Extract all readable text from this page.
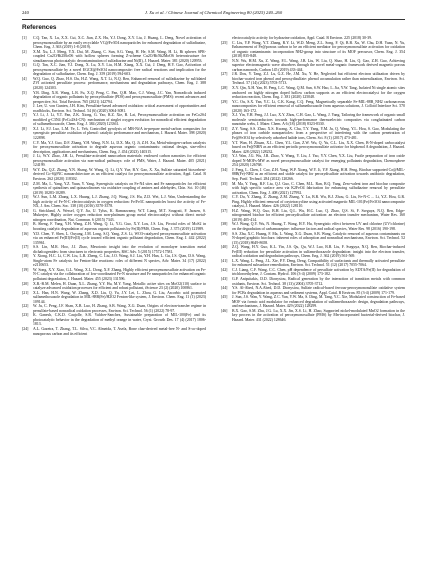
240	J. Xu et al. / Chinese Journal of Chemical Engineering 80 (2025) 240–260
References

[1] C.Q. Tan, X. Lu, X.X. Cui, X.C. Jian, Z.X. Hu, Y.J. Dong, X.Y. Liu, J. Huang, L. Deng, Novel activation of peroxymonosulfate by an easily recyclable VC@Fe3O4 nanoparticles for enhanced degradation of sulfadiazine, Chem. Eng. J. 363 (2019) 1-8 (2019).

[2] X.M. Xu, L.J. Meng, Y.X. Dai, M. Zhang, C. Sun, S.G. Yang, H. He, S.M. Wang, H. Li, Bi spheres SPR-coupled Cu2O/Bi2MoO6 with hollow spheres forming Z-scheme Cu2O/Bi/Bi2MoO6 heterostructure for simultaneous photocatalytic decontamination of sulfadiazine and Ni(II), J. Hazard. Mater. 381 (2020) 120953.

[3] G.Q. Tan, X.C. Jian, Y.J. Dong, X. Lu, X.Y. Liu, H.M. Xiang, X.X. Cui, J. Deng, H.Y. Gao, Activation of peroxymonosulfate by a novel EGCE@Fe3O4 nanocomposite: free radical reactions and implication for the degradation of sulfadiazine, Chem. Eng. J. 359 (2019) 594-603.

[4] W.Q. Guo, Q. Zhao, H.S. Du, H.Z. Wang, X.T. Li, N.Q. Ren, Enhanced removal of sulfadiazine by sulfidated ZVI activated persulfate process: performance, mechanisms and degradation pathways, Chem. Eng. J. 388 (2020) 124303.

[5] Y.B. Ding, X.R. Wang, L.B. Fu, X.Q. Peng, C. Pan, Q.H. Mao, C.J. Wang, J.C. Yan, Nonradicals induced degradation of organic pollutants by peroxydisulfate (PDS) and peroxymonosulfate (PMS): recent advances and perspective, Sci. Total Environ. 765 (2021) 142794.

[6] J. Lee, U. von Gunten, J.H. Kim, Persulfate-based advanced oxidation: critical assessment of opportunities and roadblocks, Environ. Sci. Technol. 54 (6) (2020) 3064-3081.

[7] Y.J. Li, J. Li, Y.T. Pan, Z.K. Xiong, G. Yao, R.Z. Xie, B. Lai, Peroxymonosulfate activation on FeCo2S4 modified g-C3N4 (FeCo2S4-CN): mechanism of singlet oxygen evolution for nonradical efficient degradation of sulfamethoxazole, Chem. Eng. J. 384 (2020) 123361.

[8] X.J. Li, F.J. Luo, L.M. Ye, L. Yeh, Controlled pyrolysis of MB-Ni/A in-prepare metal-carbon composites for synergistic persulfate oxidation of phenol: catalytic performance and mechanism, J. Hazard. Mater. 398 (2020) 122898.

[9] C.Y. Ma, Y.J. Guo, D.F. Zhang, Y.H. Wang, N.N. Li, D.X. Ma, Q. Ji, Z.H. Xu, Metal-nitrogen-carbon catalysts for peroxymonosulfate activation to degrade aqueous organic contaminants: rational design, size-effect description, applications and mechanisms, Chem. Eng. J. 454 (2023) 140315.

[10] J. Li, W.Y. Zhao, J.H. Li, Persulfate-activated nanocarbon materials: endowed carbon nanosites for efficient peroxymonosulfate activation via non-radical pathways: role of PMS, Water, J. Hazard. Mater. 405 (2021) 124199.

[11] W.Y. Du, Q.Z. Zhang, Y.N. Shang, W. Wang, Q. Li, Q.Y. Yue, B.Y. Gao, X. Xu, Sulfate saturated biosorbent-derived Co-S@NC nanoarchitecture as an efficient catalyst for peroxymonosulfate activation, Appl. Catal. B Environ. 262 (2020) 118302.

[12] Z.M. Ma, L. Yang, Y.Z. Yuan, Y. Yang, Synergistic catalysis on Fe-N4 sites and Fe nanoparticles for efficient synthesis of quinolines and quinazolinones via oxidative coupling of amines and aldehydes, Chin. Sci. 10 (46) (2019) 10283-10289.

[13] W.J. Sun, L.M. Zhang, L.X. Huang, L.J. Zhang, J.Q. Wang, J.S. Hu, Z.D. Wei, L.J. Wan, Understanding the high activity of Fe-N-C electrocatalysts in oxygen reduction: Fe/Fe3C nanoparticles boost the activity of Fe-NX, J. Am. Chem. Soc. 138 (10) (2016) 3570-3578.

[14] G. Strickland, A. Wessel, Q.Y. Jia, U. Tylus, K. Ramaswamy, W.T. Liang, M.T. Sougrati, F. Jaouen, S. Mukerjee, Highly active oxygen reduction non-platinum group metal electrocatalyst without direct metal-nitrogen coordination, Nat. Commun. 6 (2015) 7343.

[15] B. Sheng, F. Yang, Y.H. Wang, Z.H. Wang, Q. Li, Y.G. Guo, X.Y. Lou, J.S. Liu, Pivotal roles of MoS2 in boosting catalytic degradation of aqueous organic pollutants by Fe(II)/PMS, Chem. Eng. J. 375 (2019) 121989.

[16] Y.D. Chen, Y. Shen, L. Ouyang, J.M. Long, S.Q. Yang, Z.S. Li, WO3-catalyzed peroxymonosulfate activation via an enhanced Fe(III)/Fe(II) cycle toward efficient organic pollutant degradation, Chem. Eng. J. 442 (2022) 135961.

[17] S.S. Lin, M.R. Hoo, J.J. Zhao, Mesoionic insight into the evolution of monolayer transition metal dichalcogenides: from structures to electronic properties, RSC Adv. 5 (2015) 17572-17581.

[18] Y. Xiong, H.C. Li, C.W. Liu, L.R. Zheng, C. Liu, J.O. Wang, S.J. Liu, Y.H. Han, L. Gu, J.S. Qian, D.S. Wang, Single-atom Fe catalysts for Fenton-like reactions: roles of different N species, Adv. Mater. 34 (17) (2022) e2110653.

[19] W. Song, X.Y. Xiao, G.L. Wang, X.L. Dong, X.F. Zhang, Highly efficient peroxymonosulfate activation on Fe-N-C catalyst via the collaboration of low-coordinated Fe-N structure and Fe nanoparticles for enhanced organic pollutant degradation, J. Hazard. Mater. 455 (2023) 131596.

[20] X.R.-B.M. Melen, H. Duan, X.L. Zhang, Y.Y. Hu, M.Y. Yang, Metallic active sites on MoO2(110) surface to catalyze advanced oxidation processes for efficient and robust pollutant, iScience 23 (2) (2020) 100861.

[21] X.L. Han, H.N. Wang, W. Zhang, X.D. Liu, Q. Yu, J.Y. Lei, L. Zhou, G. Liu, Ascorbic acid promoted sulfamethoxazole degradation in MIL-88B(Fe)/H2O2 Fenton-like system, J. Environ. Chem. Eng. 11 (1) (2023) 109144.

[22] W. Ju, C. Peng, J.F. Shan, X.B. Luo, H. Zhang, S.B. Wang, X.G. Duan, Origins of electron-transfer regime in persulfate-based nonradical oxidation processes, Environ. Sci. Technol. 56 (1) (2022) 78-97.

[23] K. Ganesh, C.K.D. Caujolle, S.R. Valcher-Sanchez, Sustainable preparation of MIL-100(Fe) and its photocatalytic behavior in the degradation of methyl orange in water, Cryst. Growth Des. 17 (4) (2017) 1806-1813.

[24] A.L. Gazeira, T. Zhang, T.L. Silva, V.C. Almeida, T. Asefa, Bone char-derived metal-free N- and S-co-doped nanoporous carbon and its efficient

electrocatalytic activity for hydrazine oxidation, Appl. Catal. B Environ. 225 (2018) 30-39.

[25] C. Liu, Y.P. Wang, Y.T. Zhang, R.Y. Li, W.D. Meng, Z.L. Song, F. Qi, B.B. Xu, W. Chu, D.H. Yuan, N. Yu, Enhancement of Fe@porous carbon to be an efficient mediator for peroxymonosulfate activation for oxidation of organic contaminants: incorporation NH2-group into structure of its MOF precursor, Chem. Eng. J. 354 (2018) 835-848.

[26] N.N. Wu, H.M. Xu, Z. Wang, F.L. Wang, J.B. Liu, W. Liu, Q. Shao, H. Liu, Q. Gao, Z.H. Guo, Achieving superior electromagnetic wave absorbers through the novel metal-organic framework derived magnetic porous carbon nanorods, Carbon 145 (2019) 433-444.

[27] J.R. Dou, Y. Tang, Z.J. Lu, G.Z. He, J.M. Xu, Y. He, Neglected but efficient electron utilization driven by biochar-coated iron phenol and peroxydisulfate: phenol accumulation rather than mineralization, Environ. Sci. Technol. 57 (14) (2023) 5703-5713.

[28] X.Y. Qin, X.H. Yan, H. Peng, L.C. Wang, Q.M. Sun, S.W. Hao, L. Jia, Y.W. Tang, Isolated Ni single atomic sites anchored on highly nitrogen doped hollow carbon supports as an efficient electrocatalyst for the oxygen reduction reaction, Chem. Eng. J. 381 (2020) 125048.

[29] Y.C. Ou, S.X. Yan, Y.C. Li, C.K. Kang, C.Q. Peng, Magnetically separable Fe-MIL-88B_NH2 carbonaceous nanocomposites for efficient removal of sulfamethoxazole from aqueous solutions, J. Colloid Interface Sci. 570 (2020) 163-172.

[30] X.J. Yin, Y.H. Peng, J.J. Luo, X.Y. Zhou, C.H. Gao, L. Wang, J. Yang, Tailoring the framework of organic small molecule semiconductors towards high-performance thermoelectric composites via conglutinated carbon nanotube webs, J. Mater. Chem. A 6 (18) (2018) 8323-8330.

[31] Z.Y. Yang, S.S. Zhao, X.S. Kwang, X. Chu, T.Y. Yang, Y.M. Ju, Q. Wang, Y.L. Hou, S. Gao, Modulating the phases of iron carbide nanoparticles: from a perspective of interfering with the carbon penetration of Fe@Fe3O4 by selectively adsorbed halide ions, Chem. Sci. 8 (1) (2017) 473-481.

[32] Y.T. Wan, H. Zhuan, X.L. Chen, Y.L. Gan, Z.W. Wu, Q. Yu, C.L. Liu, X.X. Chen, B-N-doped carbocatalyst based on Fe@NBN as an efficient periodic peroxymonosulfate activator for bisphenol A degradation, J. Hazard. Mater. 428 (2022) 128232.

[33] Y.J. Wan, J.G. Wu, J.R. Zhao, Y. Wang, Y. Liu, J. Yao, Y.Y. Chen, Y.X. Liu, Facile preparation of iron oxide doped N-MOFs-MW as novel peroxymonosulfate catalyst for emerging pollutants degradation, Chemosphere 254 (2020) 126768.

[34] J. Feng, L. Chen, J. Cao, Z.H. Yang, W.P. Xiong, W.Y. Ji, Y.P. Xiang, H.H. Peng, Biochar supported Co@MIL-88B(Fe)-NH2 as an efficient and stable catalyst for peroxydisulfate activation towards antibiotic degradation, Sep. Purif. Technol. 284 (2022) 120266.

[35] M. Ma, Y. Yang, B.F. Liu, Q.J. Guo, C. Chen, M.L. Ran, B.Q. Yang, Zero-valent iron and biochar composite with high specific surface area via K2FeO4 fabrication for enhancing sulfadiazine removal by persulfate activation, Chem. Eng. J. 408 (2021) 127992.

[36] C.Y. Du, Y. Zhang, Z. Zhang, Z.M. Zhang, Y. Lu, B.R. Wu, B.J. Zhou, G. Liu, Fe-N-C ... Li, Y.Z. Hou, G.R. Ping, Highly efficient removal of oxytetracycline using activated magnetic MIL-101(Fe)/Fe3O4 nanocomposite catalyst, J. Hazard. Mater. 426 (2022) 128110.

[37] H.Z. Wang, W.Q. Guo, B.H. Liu, Q.L. Wu, H.C. Luo, Q. Zhao, Q.S. Si, F. Sseguya, N.Q. Ren, Edge-nitrogenated biochar for efficient peroxydisulfate activation: an electron transfer mechanism, Water Res. 160 (2019) 405-414.

[38] W.J. Wang, Q.Y. Wu, N. Huang, T. Wang, H.Y. Hu, Synergistic effect between UV and chlorine (UV/chlorine) on the degradation of carbamazepine: influence factors and radical species, Water Res. 98 (2016) 190-198.

[39] S.S. Zhu, X.C. Huang, F. Ma, L. Wang, X.G. Duan, S.B. Wang, Catalytic removal of aqueous contaminants on N-doped graphitic biochars: inherent roles of adsorption and nonradical mechanisms, Environ. Sci. Technol. 52 (15) (2018) 8649-8658.

[40] Z.Q. Wang, H.Y. Guo, K.L. Yin, J.S. Qu, Qu, W.J. Luo, B.B. Liu, F. Sseguya, N.Q. Ren, Biochar-induced Fe(III) reduction for persulfate activation in sulfamethoxazole degradation: insight into the electron transfer, radical oxidation and degradation pathways, Chem. Eng. J. 362 (2019) 561-569.

[41] L.X. Wang, L. Peng, J.L. Xie, P.Y. Deng, Deng, Compatibility of surfactants and thermally activated persulfate for enhanced subsurface remediation, Environ. Sci. Technol. 51 (12) (2017) 7055-7064.

[42] C.J. Liang, C.F. Wang, C.C. Chen, pH dependence of persulfate activation by EDTA/Fe(II) for degradation of trichloroethylene, J. Contam. Hydrol. 106 (3-4) (2009) 173-182.

[43] G.P. Anipsitakis, D.D. Dionysiou, Radical generation by the interaction of transition metals with common oxidants, Environ. Sci. Technol. 38 (13) (2004) 3705-3712.

[44] Y.S. Al-Abed, N.A.Abed, D.D. Dionysiou, Sulfate radical-based ferrous-peroxymonosulfate oxidative system for PCBs degradation in aqueous and sediment systems, Appl. Catal. B Environ. 85 (3-4) (2009) 171-179.

[45] J. Sun, J.S. Wan, Y. Wang, Z.C. Yan, Y.W. Ma, S. Ding, M. Tang, Y.C. Xie, Modulated construction of Fe-based MOF via formic acid modulator for enhanced degradation of sulfamethoxazole: design, degradation pathways, and mechanisms, J. Hazard. Mater. 429 (2022) 128299.

[46] B.X. Gao, S.M. Zhu, J.G. Lu, X.X. Jin, X.S. Li, H. Zhao, Supported nickel-modulated MnO2 formation in the key process in the activation of peroxymonosulfate (PMS) by Mn-incorporated bacterial-derived biochar, J. Hazard. Mater. 431 (2022) 128646.
